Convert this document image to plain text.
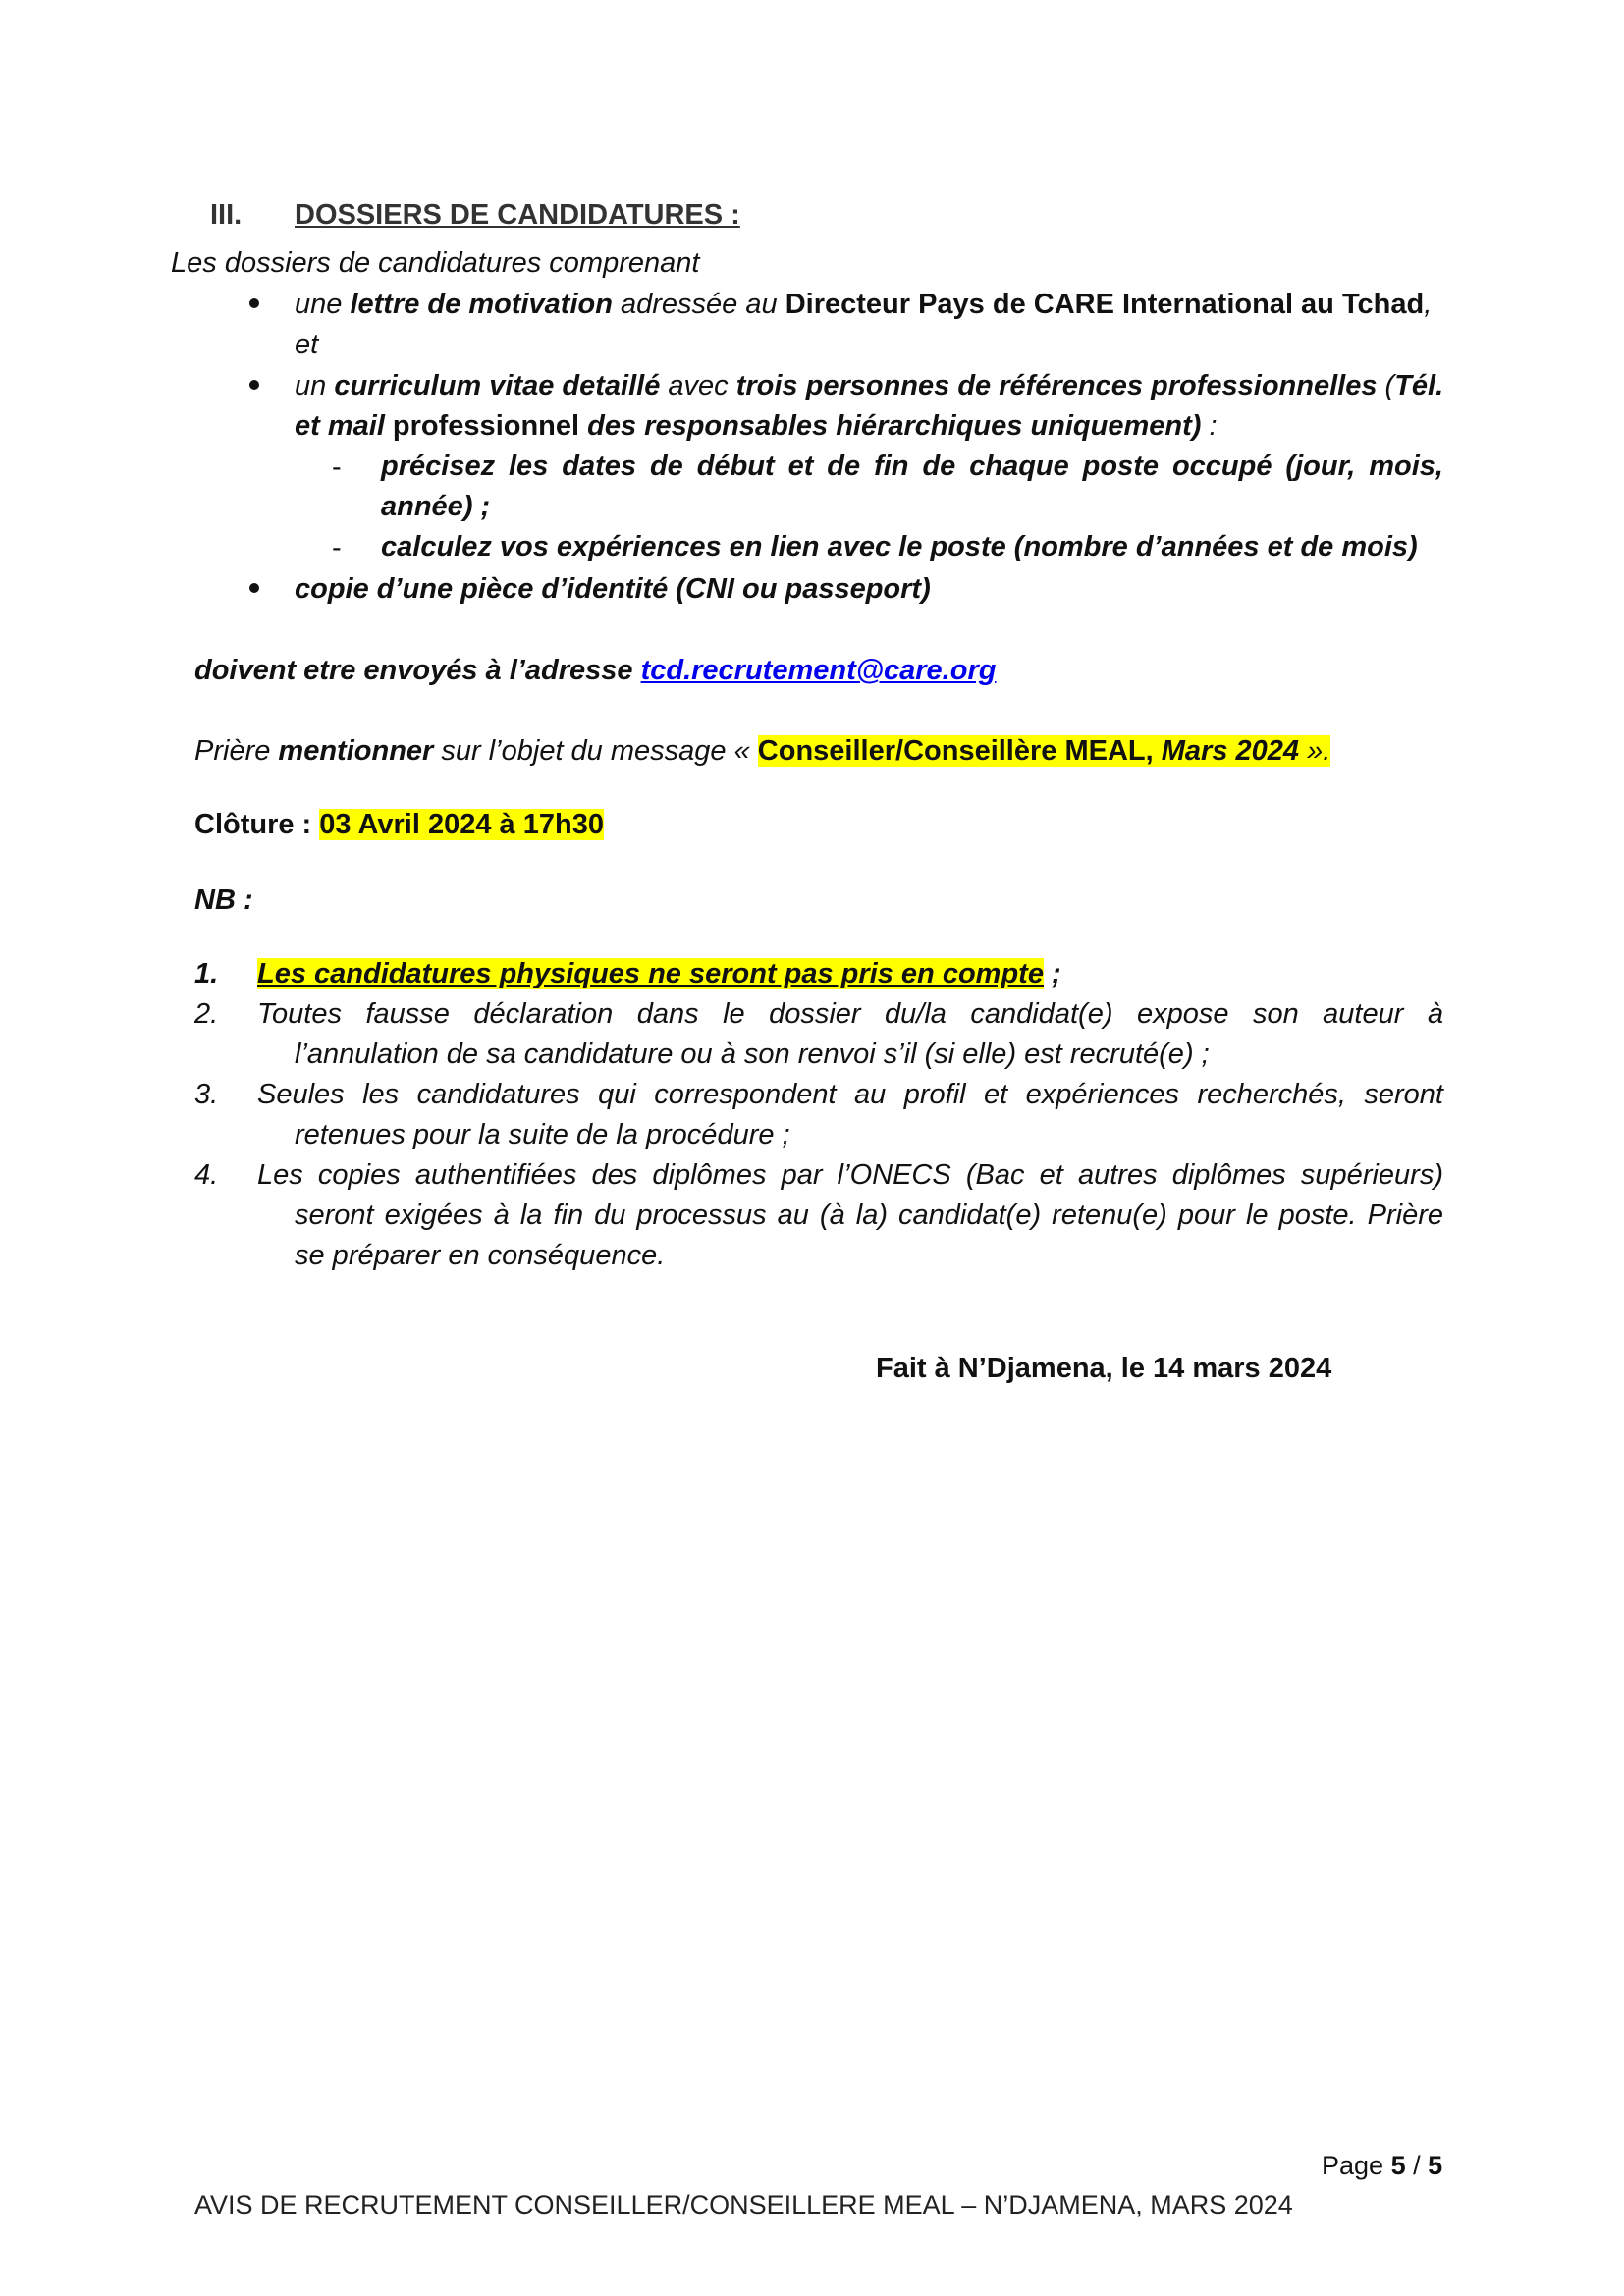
III. DOSSIERS DE CANDIDATURES :
Les dossiers de candidatures comprenant
une lettre de motivation adressée au Directeur Pays de CARE International au Tchad,
et
un curriculum vitae detaillé avec trois personnes de références professionnelles (Tél.
et mail professionnel des responsables hiérarchiques uniquement) :
- précisez les dates de début et de fin de chaque poste occupé (jour, mois,
année) ;
- calculez vos expériences en lien avec le poste (nombre d’années et de mois)
copie d’une pièce d’identité (CNI ou passeport)
doivent etre envoyés à l’adresse tcd.recrutement@care.org
Prière mentionner sur l’objet du message « Conseiller/Conseillère MEAL, Mars 2024 ».
Clôture : 03 Avril 2024 à 17h30
NB :
1. Les candidatures physiques ne seront pas pris en compte ;
2. Toutes fausse déclaration dans le dossier du/la candidat(e) expose son auteur à
l’annulation de sa candidature ou à son renvoi s’il (si elle) est recruté(e) ;
3. Seules les candidatures qui correspondent au profil et expériences recherchés, seront
retenues pour la suite de la procédure ;
4. Les copies authentifiées des diplômes par l’ONECS (Bac et autres diplômes supérieurs)
seront exigées à la fin du processus au (à la) candidat(e) retenu(e) pour le poste. Prière
se préparer en conséquence.
Fait à N’Djamena, le 14 mars 2024
Page 5 / 5
AVIS DE RECRUTEMENT CONSEILLER/CONSEILLERE MEAL – N’DJAMENA, MARS 2024
